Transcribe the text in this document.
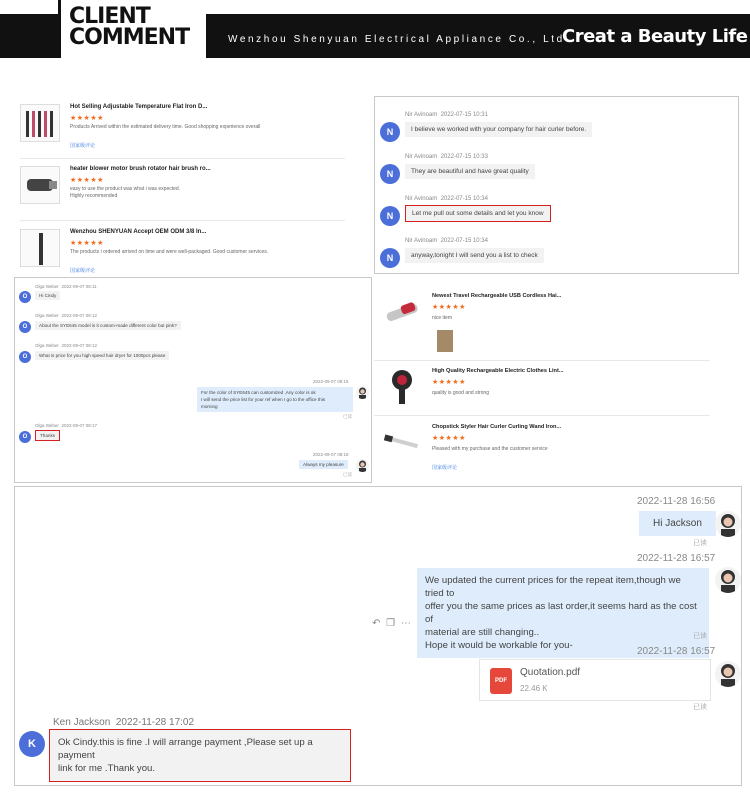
Wenzhou Shenyuan Electrical Appliance Co., Ltd
Creat a Beauty Life
CLIENT
COMMENT
Hot Selling Adjustable Temperature Flat Iron D...
★★★★★
Products Arrived within the estimated delivery time. Good shopping experience overall
国家级评论
heater blower motor brush rotator hair brush ro...
★★★★★
easy to use the product was what i was expected.
Highly recommended
Wenzhou SHENYUAN Accept OEM ODM 3/8 In...
★★★★★
The products i ordered arrived on time and were well-packaged. Good customer services.
国家级评论
Nir Avinoam 2022-07-15 10:31
N	I believe we worked with your company for hair curler before.
Nir Avinoam 2022-07-15 10:33
N	They are beautiful and have great quality
Nir Avinoam 2022-07-15 10:34
N	Let me pull out some details and let you know
Nir Avinoam 2022-07-15 10:34
N	anyway,tonight I will send you a list to check
Olga Weber 2022-09-07 08:11
O	Hi Cindy
Olga Weber 2022-09-07 08:12
O	About the SYE645 model is it custom-made different color but pink?
Olga Weber 2022-09-07 08:12
O	What is price for you high speed hair dryer for 1000pcs please
2022-09-07 08:15
For the color of SYE645 can customized ,Any color is ok
I will send the price list for your ref when I go to the office this
morning
已读
Olga Weber 2022-09-07 08:17
O	Thanks
2022-09-07 08:18
Always my pleasure
已读
Newest Travel Rechargeable USB Cordless Hai...
★★★★★
nice item
High Quality Rechargeable Electric Clothes Lint...
★★★★★
quality is good and strong
Chopstick Styler Hair Curler Curling Wand Iron...
★★★★★
Pleased with my purchase and the customer service
国家级评论
2022-11-28 16:56
Hi Jackson
已读
2022-11-28 16:57
We updated the current prices for the repeat item,though we tried to
offer you the same prices as last order,it seems hard as the cost of
material are still changing..
Hope it would be workable for you-
↶ ❐ ⋯
已读
2022-11-28 16:57
PDF
Quotation.pdf
22.46 K
已读
Ken Jackson 2022-11-28 17:02
K	Ok Cindy.this is fine .I will arrange payment ,Please set up a payment
link for me .Thank you.
